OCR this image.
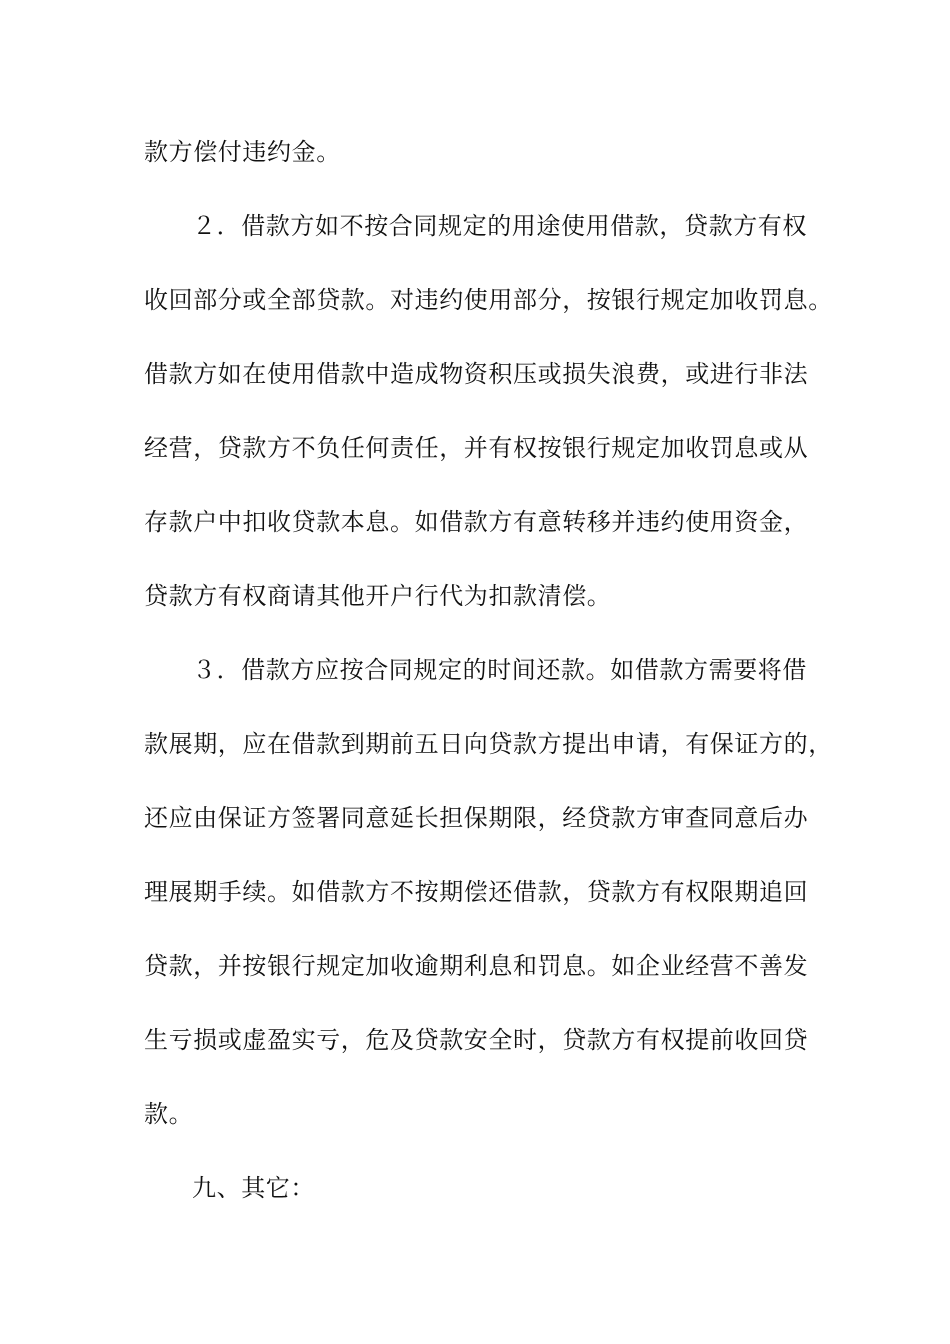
款方偿付违约金。
２．借款方如不按合同规定的用途使用借款，贷款方有权
收回部分或全部贷款。对违约使用部分，按银行规定加收罚息。
借款方如在使用借款中造成物资积压或损失浪费，或进行非法
经营，贷款方不负任何责任，并有权按银行规定加收罚息或从
存款户中扣收贷款本息。如借款方有意转移并违约使用资金，
贷款方有权商请其他开户行代为扣款清偿。
３．借款方应按合同规定的时间还款。如借款方需要将借
款展期，应在借款到期前五日向贷款方提出申请，有保证方的，
还应由保证方签署同意延长担保期限，经贷款方审查同意后办
理展期手续。如借款方不按期偿还借款，贷款方有权限期追回
贷款，并按银行规定加收逾期利息和罚息。如企业经营不善发
生亏损或虚盈实亏，危及贷款安全时，贷款方有权提前收回贷
款。
九、其它：
